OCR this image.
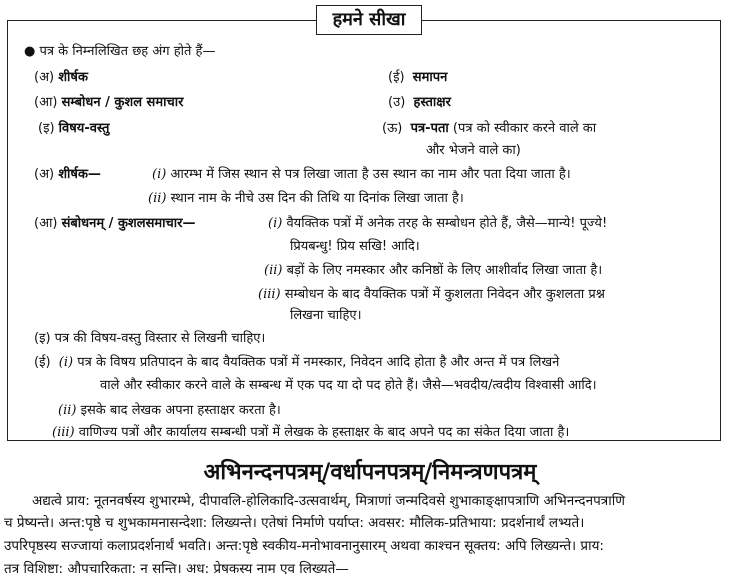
हमने सीखा
● पत्र के निम्नलिखित छह अंग होते हैं—
(अ) शीर्षक
(आ) सम्बोधन / कुशल समाचार
(इ) विषय-वस्तु
(ई) समापन
(उ) हस्ताक्षर
(ऊ) पत्र-पता (पत्र को स्वीकार करने वाले का
और भेजने वाले का)
(अ) शीर्षक—	(i) आरम्भ में जिस स्थान से पत्र लिखा जाता है उस स्थान का नाम और पता दिया जाता है।
(ii) स्थान नाम के नीचे उस दिन की तिथि या दिनांक लिखा जाता है।
(आ) संबोधनम् / कुशलसमाचार—	(i) वैयक्तिक पत्रों में अनेक तरह के सम्बोधन होते हैं, जैसे—मान्ये! पूज्ये!
प्रियबन्धु! प्रिय सखि! आदि।
(ii) बड़ों के लिए नमस्कार और कनिष्ठों के लिए आशीर्वाद लिखा जाता है।
(iii) सम्बोधन के बाद वैयक्तिक पत्रों में कुशलता निवेदन और कुशलता प्रश्न
लिखना चाहिए।
(इ) पत्र की विषय-वस्तु विस्तार से लिखनी चाहिए।
(ई) (i) पत्र के विषय प्रतिपादन के बाद वैयक्तिक पत्रों में नमस्कार, निवेदन आदि होता है और अन्त में पत्र लिखने
वाले और स्वीकार करने वाले के सम्बन्ध में एक पद या दो पद होते हैं। जैसे—भवदीय/त्वदीय विश्वासी आदि।
(ii) इसके बाद लेखक अपना हस्ताक्षर करता है।
(iii) वाणिज्य पत्रों और कार्यालय सम्बन्धी पत्रों में लेखक के हस्ताक्षर के बाद अपने पद का संकेत दिया जाता है।
अभिनन्दनपत्रम्/वर्धापनपत्रम्/निमन्त्रणपत्रम्
अद्यत्वे प्राय: नूतनवर्षस्य शुभारम्भे, दीपावलि-होलिकादि-उत्सवार्थम्, मित्राणां जन्मदिवसे शुभाकाङ्क्षापत्राणि अभिनन्दनपत्राणि
च प्रेष्यन्ते। अन्त:पृष्ठे च शुभकामनासन्देशा: लिख्यन्ते। एतेषां निर्माणे पर्याप्त: अवसर: मौलिक-प्रतिभाया: प्रदर्शनार्थं लभ्यते।
उपरिपृष्ठस्य सज्जायां कलाप्रदर्शनार्थं भवति। अन्त:पृष्ठे स्वकीय-मनोभावनानुसारम् अथवा काश्चन सूक्तय: अपि लिख्यन्ते। प्राय:
तत्र विशिष्टा: औपचारिकता: न सन्ति। अध: प्रेषकस्य नाम एव लिख्यते—
